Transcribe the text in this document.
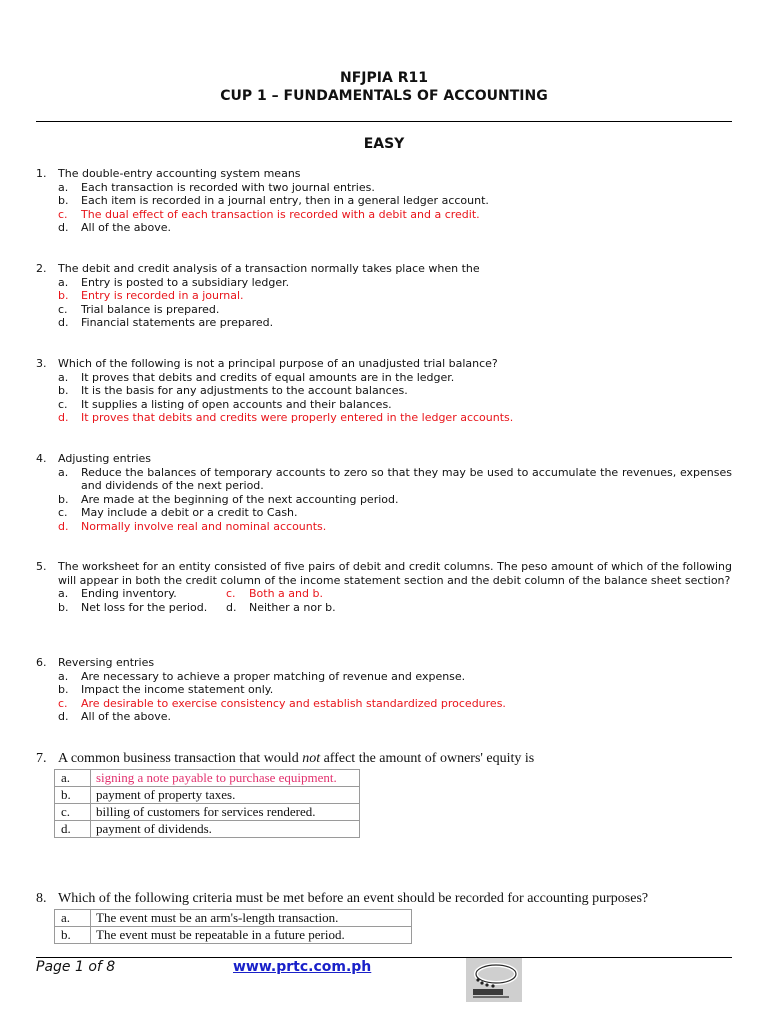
NFJPIA R11
CUP 1 – FUNDAMENTALS OF ACCOUNTING
EASY
1.	The double-entry accounting system means
a.	Each transaction is recorded with two journal entries.
b.	Each item is recorded in a journal entry, then in a general ledger account.
c.	The dual effect of each transaction is recorded with a debit and a credit.
d.	All of the above.
2.	The debit and credit analysis of a transaction normally takes place when the
a.	Entry is posted to a subsidiary ledger.
b.	Entry is recorded in a journal.
c.	Trial balance is prepared.
d.	Financial statements are prepared.
3.	Which of the following is not a principal purpose of an unadjusted trial balance?
a.	It proves that debits and credits of equal amounts are in the ledger.
b.	It is the basis for any adjustments to the account balances.
c.	It supplies a listing of open accounts and their balances.
d.	It proves that debits and credits were properly entered in the ledger accounts.
4.	Adjusting entries
a.	Reduce the balances of temporary accounts to zero so that they may be used to accumulate the revenues, expenses and dividends of the next period.
b.	Are made at the beginning of the next accounting period.
c.	May include a debit or a credit to Cash.
d.	Normally involve real and nominal accounts.
5.	The worksheet for an entity consisted of five pairs of debit and credit columns. The peso amount of which of the following will appear in both the credit column of the income statement section and the debit column of the balance sheet section?
a.	Ending inventory.	c.	Both a and b.
b.	Net loss for the period. d.	Neither a nor b.
6.	Reversing entries
a.	Are necessary to achieve a proper matching of revenue and expense.
b.	Impact the income statement only.
c.	Are desirable to exercise consistency and establish standardized procedures.
d.	All of the above.
7. A common business transaction that would not affect the amount of owners' equity is
a.	signing a note payable to purchase equipment.
b.	payment of property taxes.
c.	billing of customers for services rendered.
d.	payment of dividends.
8. Which of the following criteria must be met before an event should be recorded for accounting purposes?
a.	The event must be an arm's-length transaction.
b.	The event must be repeatable in a future period.
Page 1 of 8	www.prtc.com.ph
